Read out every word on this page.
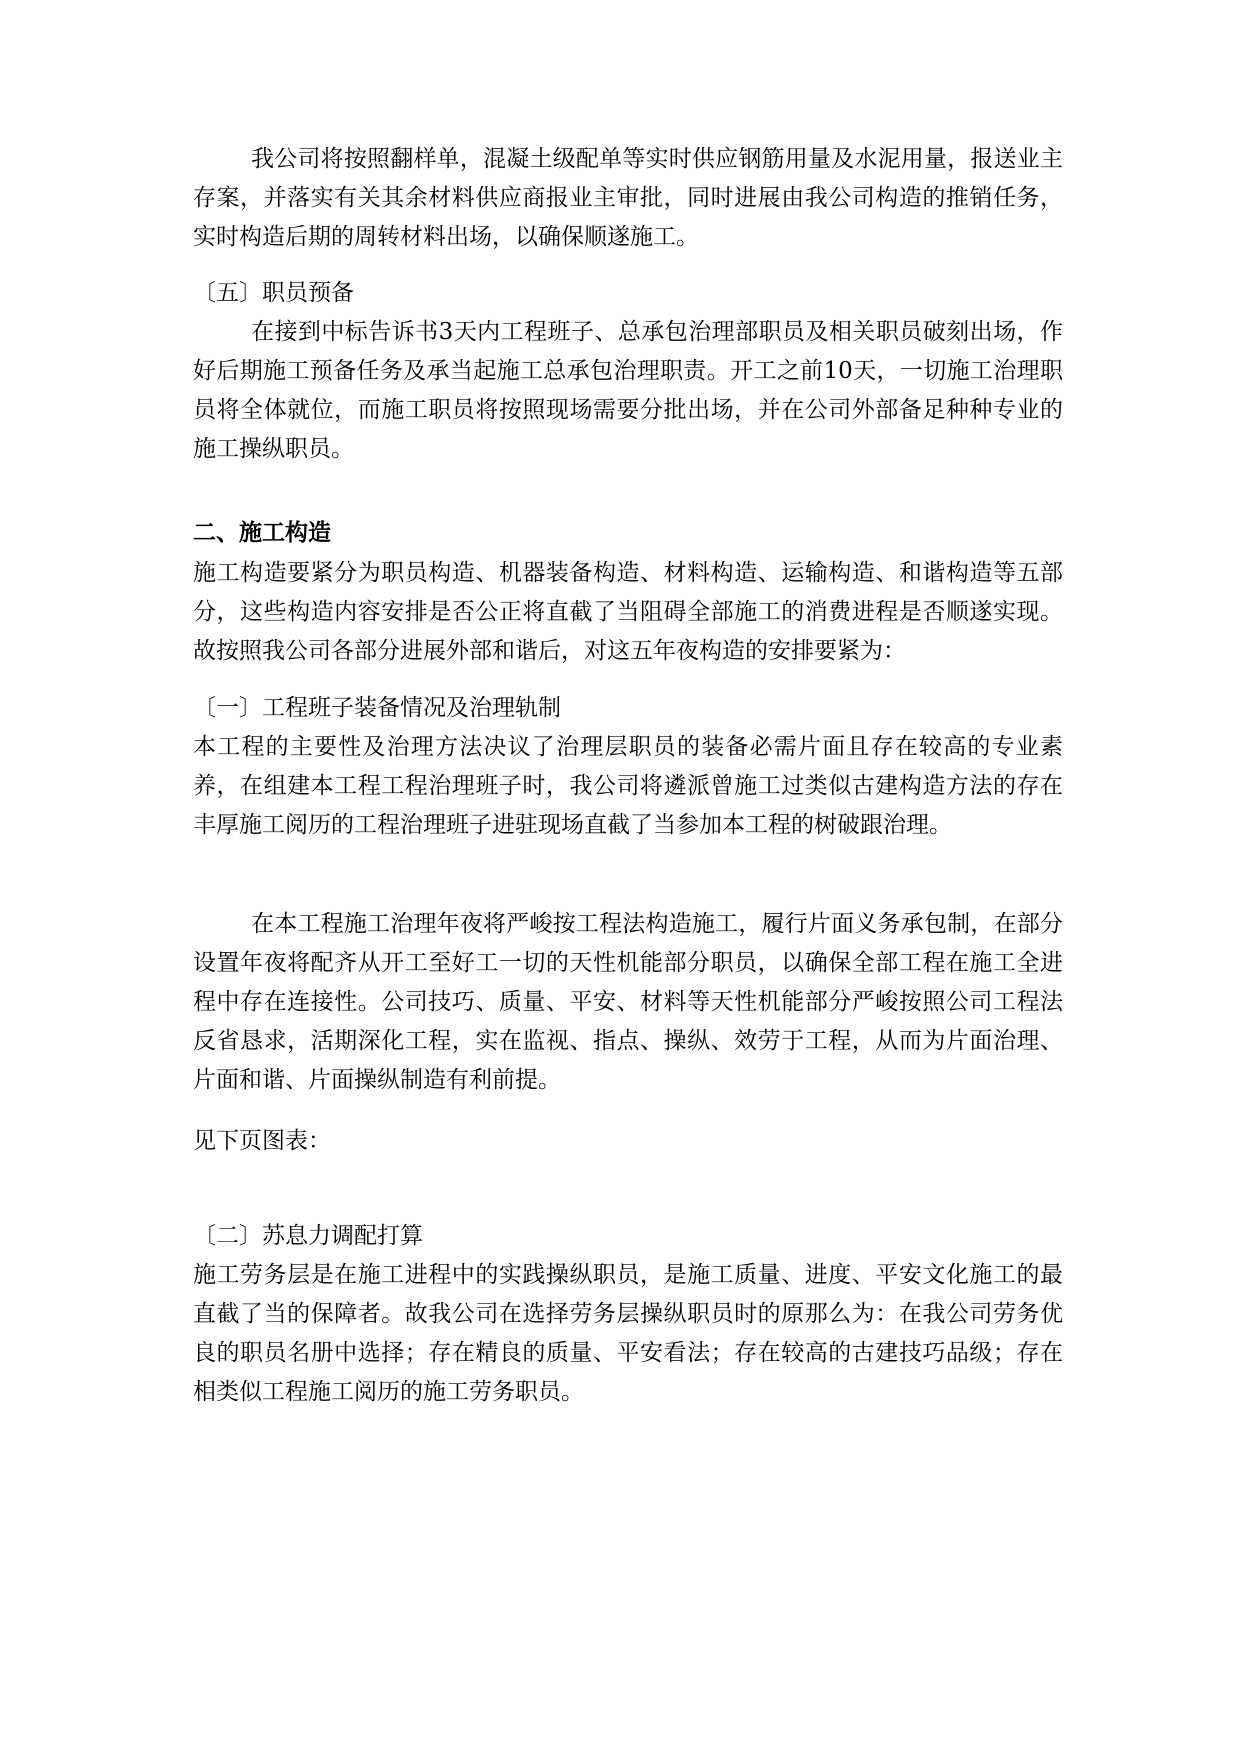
我公司将按照翻样单，混凝土级配单等实时供应钢筋用量及水泥用量，报送业主存案，并落实有关其余材料供应商报业主审批，同时进展由我公司构造的推销任务，实时构造后期的周转材料出场，以确保顺遂施工。

〔五〕职员预备

在接到中标告诉书3天内工程班子、总承包治理部职员及相关职员破刻出场，作好后期施工预备任务及承当起施工总承包治理职责。开工之前10天，一切施工治理职员将全体就位，而施工职员将按照现场需要分批出场，并在公司外部备足种种专业的施工操纵职员。

二、施工构造

施工构造要紧分为职员构造、机器装备构造、材料构造、运输构造、和谐构造等五部分，这些构造内容安排是否公正将直截了当阻碍全部施工的消费进程是否顺遂实现。故按照我公司各部分进展外部和谐后，对这五年夜构造的安排要紧为：

〔一〕工程班子装备情况及治理轨制

本工程的主要性及治理方法决议了治理层职员的装备必需片面且存在较高的专业素养，在组建本工程工程治理班子时，我公司将遴派曾施工过类似古建构造方法的存在丰厚施工阅历的工程治理班子进驻现场直截了当参加本工程的树破跟治理。

在本工程施工治理年夜将严峻按工程法构造施工，履行片面义务承包制，在部分设置年夜将配齐从开工至好工一切的天性机能部分职员，以确保全部工程在施工全进程中存在连接性。公司技巧、质量、平安、材料等天性机能部分严峻按照公司工程法反省恳求，活期深化工程，实在监视、指点、操纵、效劳于工程，从而为片面治理、片面和谐、片面操纵制造有利前提。

见下页图表：

〔二〕苏息力调配打算

施工劳务层是在施工进程中的实践操纵职员，是施工质量、进度、平安文化施工的最直截了当的保障者。故我公司在选择劳务层操纵职员时的原那么为：在我公司劳务优良的职员名册中选择；存在精良的质量、平安看法；存在较高的古建技巧品级；存在相类似工程施工阅历的施工劳务职员。
